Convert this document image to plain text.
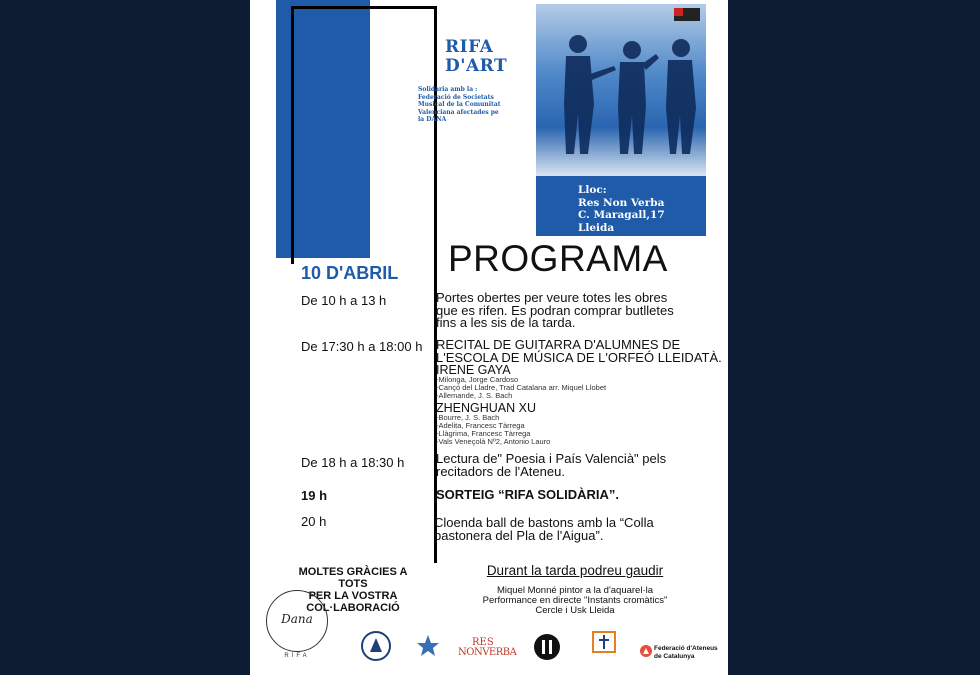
RIFA
D'ART
Solidària amb la :
Federació de Societats
Musical de la Comunitat
Valenciana afectades pe
la DANA
Lloc:
Res Non Verba
C. Maragall,17
Lleida
PROGRAMA
10 D'ABRIL
De 10 h a 13 h	Portes obertes per veure totes les obres
que es rifen. Es podran comprar butlletes
fins a les sis de la tarda.
De 17:30 h a 18:00 h RECITAL DE GUITARRA D'ALUMNES DE
L'ESCOLA DE MÚSICA DE L'ORFEÓ LLEIDATÀ.
IRENE GAYA
-Milonga, Jorge Cardoso
-Cançó del Lladre, Trad Catalana arr. Miquel Llobet
-Allemande, J. S. Bach
ZHENGHUAN XU
-Bourre, J. S. Bach
-Adelita, Francesc Tàrrega
-Llàgrima, Francesc Tàrrega
-Vals Veneçolà Nº2, Antonio Lauro
De 18 h a 18:30 h Lectura de" Poesia i País Valencià" pels
recitadors de l'Ateneu.
19 h	SORTEIG “RIFA SOLIDÀRIA”.
20 h	Cloenda ball de bastons amb la “Colla
bastonera del Pla de l'Aigua”.
MOLTES GRÀCIES A TOTS
PER LA VOSTRA
COL·LABORACIÓ
Durant la tarda podreu gaudir
Miquel Monné pintor a la d'aquarel·la
Performance en directe "Instants cromàtics"
Cercle i Usk Lleida
Dana
RIFA
RES
NONVERBA	Federació d'Ateneus
de Catalunya
